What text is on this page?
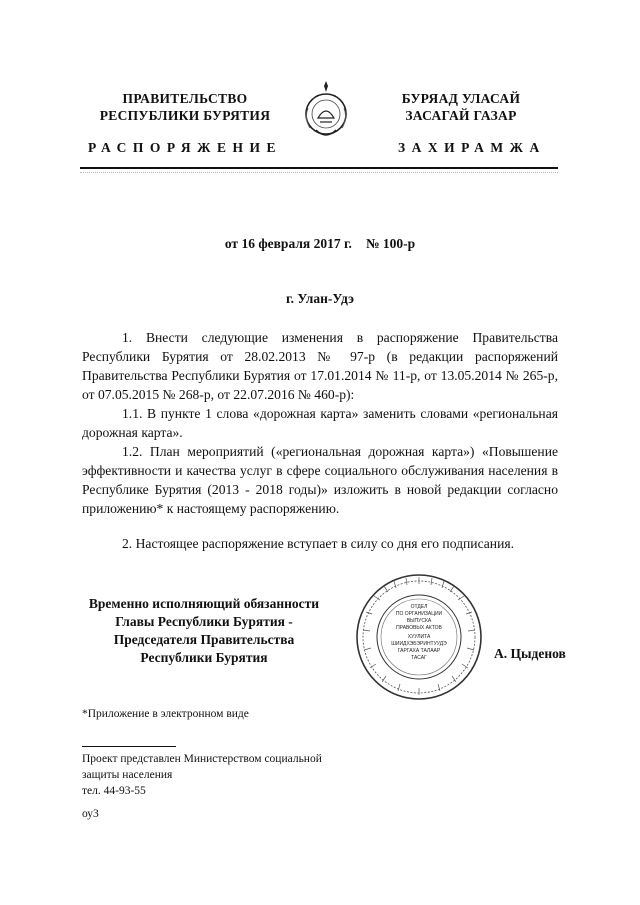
ПРАВИТЕЛЬСТВО
РЕСПУБЛИКИ БУРЯТИЯ
БУРЯАД УЛАСАЙ
ЗАСАГАЙ ГАЗАР
РАСПОРЯЖЕНИЕ	ЗАХИРАМЖА
от 16 февраля 2017 г. № 100-р
г. Улан-Удэ

1. Внести следующие изменения в распоряжение Правительства Республики Бурятия от 28.02.2013 № 97-р (в редакции распоряжений Правительства Республики Бурятия от 17.01.2014 № 11-р, от 13.05.2014 № 265-р, от 07.05.2015 № 268-р, от 22.07.2016 № 460-р):

1.1. В пункте 1 слова «дорожная карта» заменить словами «региональная дорожная карта».

1.2. План мероприятий («региональная дорожная карта») «Повышение эффективности и качества услуг в сфере социального обслуживания населения в Республике Бурятия (2013 - 2018 годы)» изложить в новой редакции согласно приложению* к настоящему распоряжению.

2. Настоящее распоряжение вступает в силу со дня его подписания.

Временно исполняющий обязанности
Главы Республики Бурятия -
Председателя Правительства
Республики Бурятия
ОТДЕЛ
ПО ОРГАНИЗАЦИИ
ВЫПУСКА
ПРАВОВЫХ АКТОВ
ХУУЛИТА
ШИИДХЭБЭРИНТУУДЭ
ГАРГАХА ТАЛААР
ТАСАГ	А. Цыденов
*Приложение в электронном виде
Проект представлен Министерством социальной
защиты населения
тел. 44-93-55
оу3
